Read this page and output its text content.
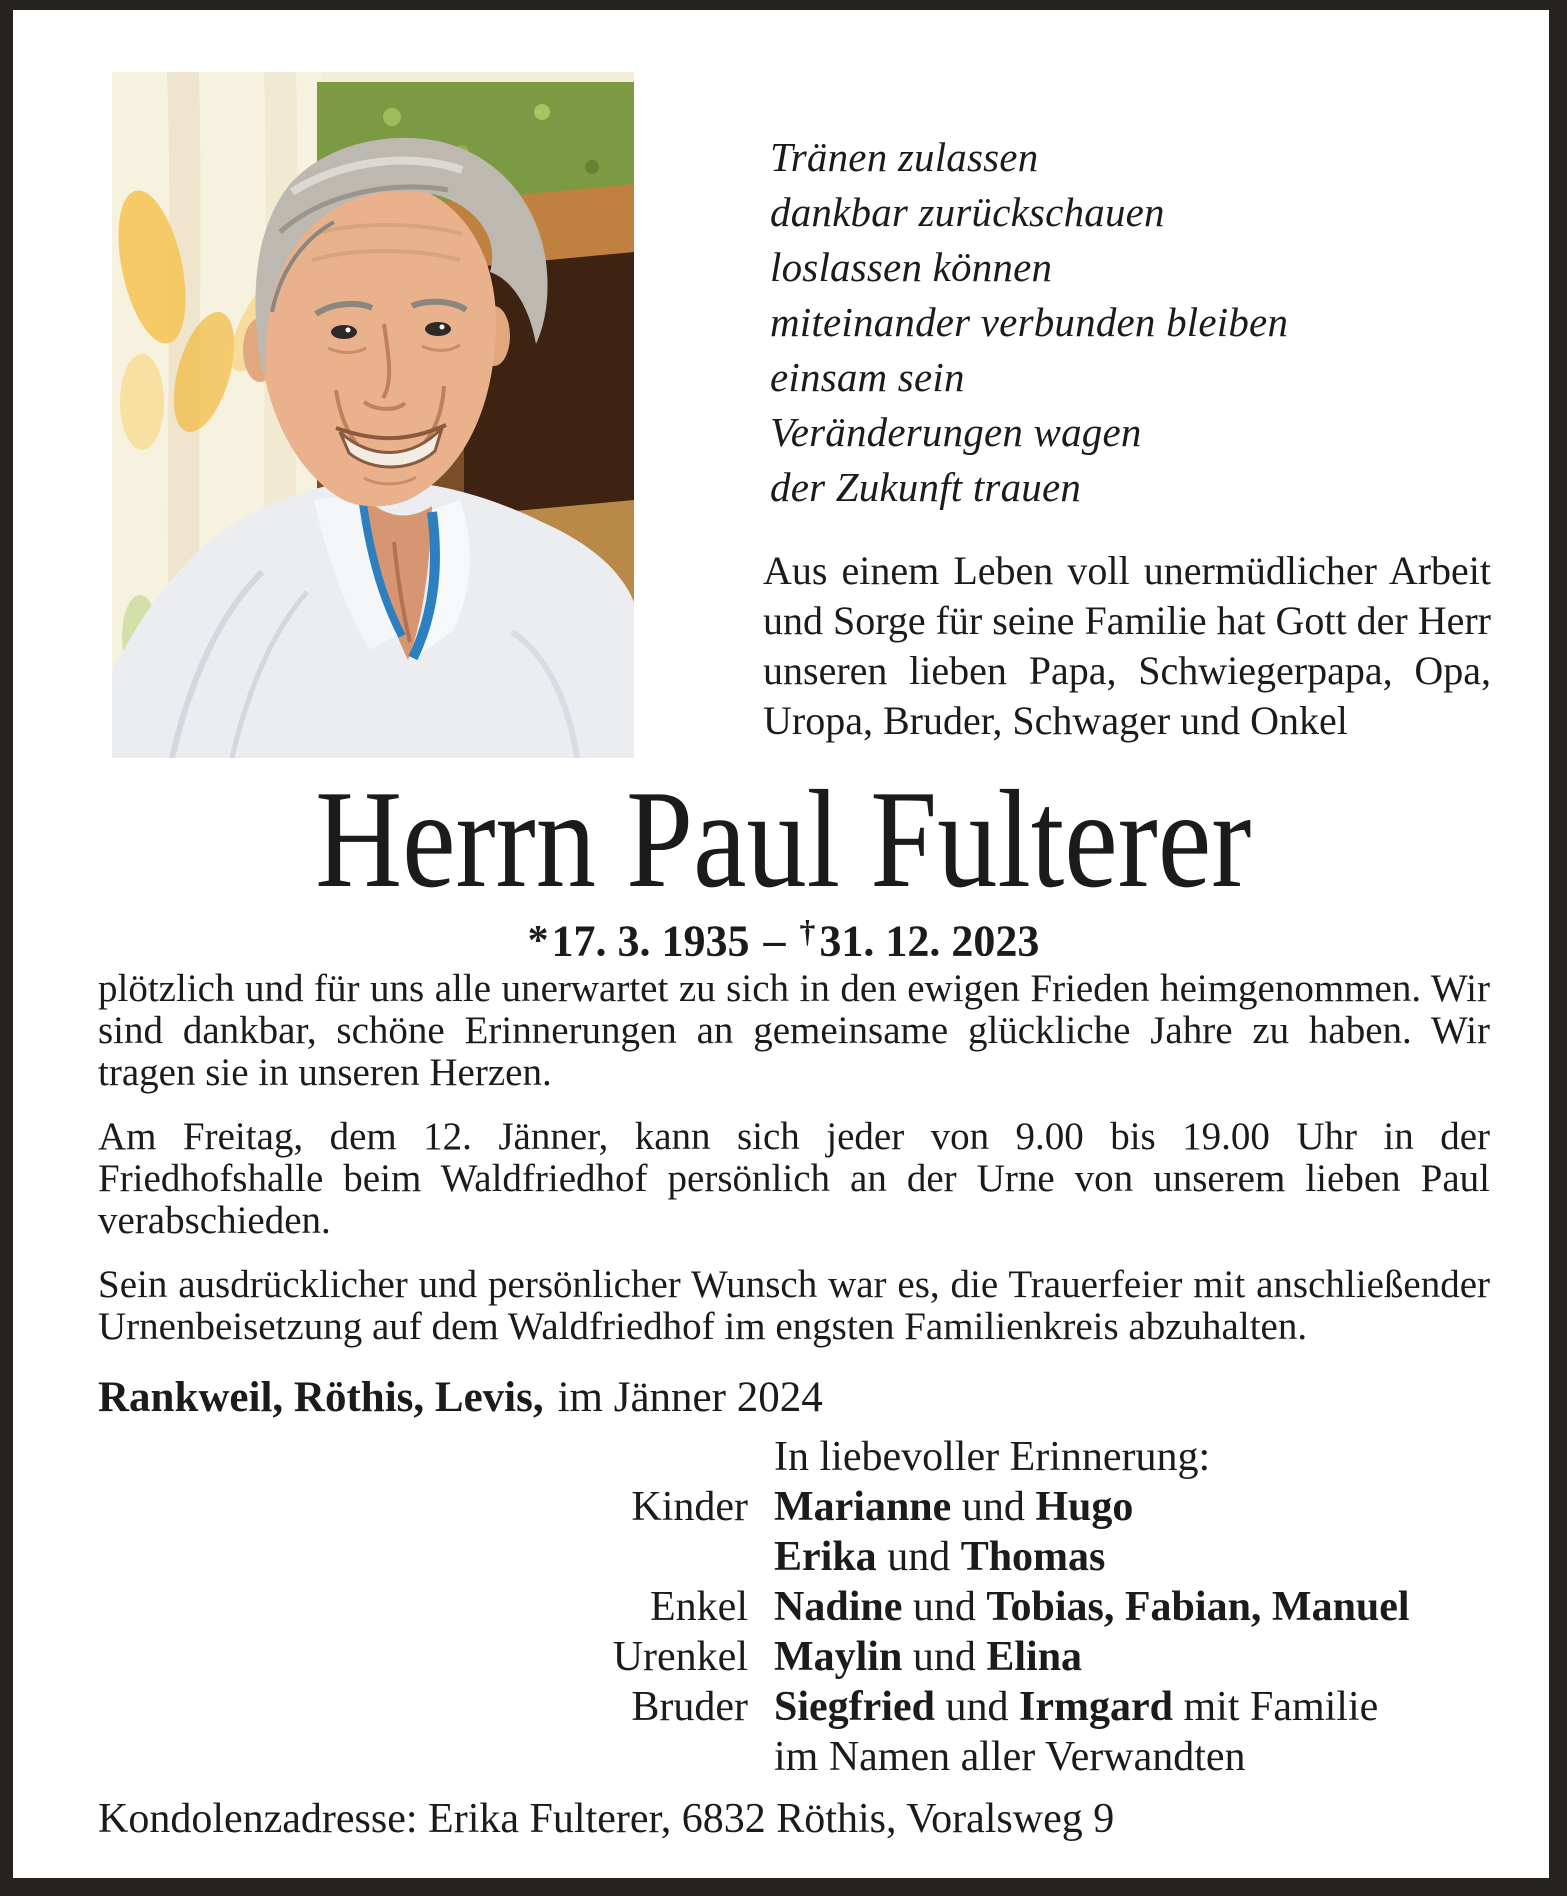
Tränen zulassen
dankbar zurückschauen
loslassen können
miteinander verbunden bleiben
einsam sein
Veränderungen wagen
der Zukunft trauen
Aus einem Leben voll unermüdlicher Arbeit und Sorge für seine Familie hat Gott der Herr unseren lieben Papa, Schwiegerpapa, Opa, Uropa, Bruder, Schwager und Onkel
Herrn Paul Fulterer
*17. 3. 1935 – †31. 12. 2023

plötzlich und für uns alle unerwartet zu sich in den ewigen Frieden heimgenommen. Wir sind dankbar, schöne Erinnerungen an gemeinsame glückliche Jahre zu haben. Wir tragen sie in unseren Herzen.

Am Freitag, dem 12. Jänner, kann sich jeder von 9.00 bis 19.00 Uhr in der Friedhofshalle beim Waldfriedhof persönlich an der Urne von unserem lieben Paul verabschieden.

Sein ausdrücklicher und persönlicher Wunsch war es, die Trauerfeier mit anschließender Urnenbeisetzung auf dem Waldfriedhof im engsten Familienkreis abzuhalten.

Rankweil, Röthis, Levis, im Jänner 2024
In liebevoller Erinnerung:
Kinder Marianne und Hugo
Erika und Thomas
Enkel Nadine und Tobias, Fabian, Manuel
Urenkel Maylin und Elina
Bruder Siegfried und Irmgard mit Familie
im Namen aller Verwandten
Kondolenzadresse: Erika Fulterer, 6832 Röthis, Voralsweg 9
